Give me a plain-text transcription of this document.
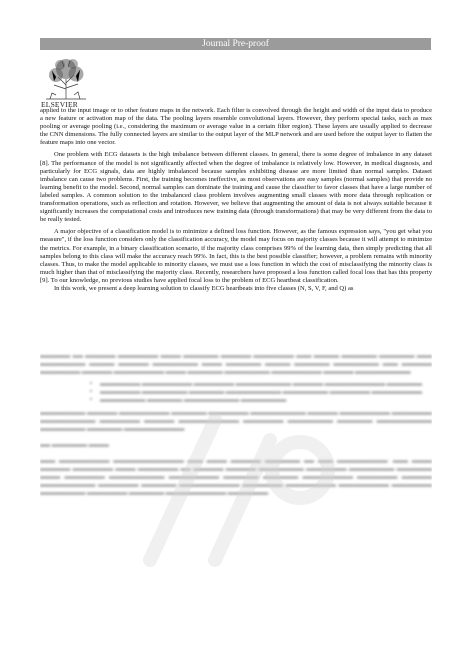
Journal Pre-proof
ELSEVIER

applied to the input image or to other feature maps in the network. Each filter is convolved through the height and width of the input data to produce a new feature or activation map of the data. The pooling layers resemble convolutional layers. However, they perform special tasks, such as max pooling or average pooling (i.e., considering the maximum or average value in a certain filter region). These layers are usually applied to decrease the CNN dimensions. The fully connected layers are similar to the output layer of the MLP network and are used before the output layer to flatten the feature maps into one vector.

One problem with ECG datasets is the high imbalance between different classes. In general, there is some degree of imbalance in any dataset [8]. The performance of the model is not significantly affected when the degree of imbalance is relatively low. However, in medical diagnosis, and particularly for ECG signals, data are highly imbalanced because samples exhibiting disease are more limited than normal samples. Dataset imbalance can cause two problems. First, the training becomes ineffective, as most observations are easy samples (normal samples) that provide no learning benefit to the model. Second, normal samples can dominate the training and cause the classifier to favor classes that have a large number of labeled samples. A common solution to the imbalanced class problem involves augmenting small classes with more data through replication or transformation operations, such as reflection and rotation. However, we believe that augmenting the amount of data is not always suitable because it significantly increases the computational costs and introduces new training data (through transformations) that may be very different from the data to be really tested.

A major objective of a classification model is to minimize a defined loss function. However, as the famous expression says, "you get what you measure", if the loss function considers only the classification accuracy, the model may focus on majority classes because it will attempt to minimize the metrics. For example, in a binary classification scenario, if the majority class comprises 99% of the learning data, then simply predicting that all samples belong to this class will make the accuracy reach 99%. In fact, this is the best possible classifier; however, a problem remains with minority classes. Thus, to make the model applicable to minority classes, we must use a loss function in which the cost of misclassifying the minority class is much higher than that of misclassifying the majority class. Recently, researchers have proposed a loss function called focal loss that has this property [9]. To our knowledge, no previous studies have applied focal loss to the problem of ECG heartbeat classification.

In this work, we present a deep learning solution to classify ECG heartbeats into five classes (N, S, V, F, and Q) as

▂▂▂▂▂▂ ▂▂ ▂▂▂▂▂▂ ▂▂▂▂▂▂▂▂ ▂▂▂▂ ▂▂▂▂▂▂▂ ▂▂▂▂▂▂ ▂▂▂▂▂▂▂▂ ▂▂▂ ▂▂▂▂▂ ▂▂▂▂▂▂▂ ▂▂▂▂▂▂▂ ▂▂▂ ▂▂▂▂▂▂▂▂▂ ▂▂▂▂▂ ▂▂▂▂▂▂ ▂▂▂▂▂▂▂▂▂ ▂▂▂▂ ▂▂▂▂▂▂▂ ▂▂▂▂▂ ▂▂▂▂▂▂▂ ▂▂▂▂▂▂▂▂▂ ▂▂▂ ▂▂▂▂▂▂ ▂▂▂▂▂▂▂▂ ▂▂▂▂▂▂ ▂▂▂▂▂▂▂▂▂▂ ▂▂▂▂ ▂▂▂▂▂▂▂ ▂▂▂▂▂▂▂▂▂ ▂▂▂▂▂▂▂▂▂▂ ▂▂▂▂▂▂ ▂▂▂▂▂▂▂▂▂▂▂

• ▂▂▂▂▂▂▂▂ ▂▂▂▂▂▂▂▂▂▂ ▂▂▂▂▂▂▂▂ ▂▂▂▂▂▂▂▂▂▂▂ ▂▂▂▂▂▂ ▂▂▂▂▂▂▂▂▂▂▂▂ ▂▂▂▂▂▂▂
• ▂▂▂▂▂▂▂▂ ▂▂▂▂▂▂▂▂▂ ▂▂▂▂▂▂▂ ▂▂▂▂▂▂▂▂▂▂▂ ▂▂▂▂▂▂▂▂▂ ▂▂▂▂▂▂▂▂ ▂▂▂▂▂▂▂▂▂▂
• ▂▂▂▂▂▂▂▂▂ ▂▂▂▂▂▂▂ ▂▂▂▂▂▂▂▂▂▂▂ ▂▂▂▂▂▂▂▂▂

▂▂▂▂▂▂▂▂▂ ▂▂▂▂▂▂ ▂▂▂▂▂▂▂▂▂▂ ▂▂▂▂▂▂▂ ▂▂▂▂▂▂▂▂ ▂▂▂▂▂▂▂▂▂▂▂ ▂▂▂▂▂▂ ▂▂▂▂▂▂▂▂▂▂ ▂▂▂▂▂▂▂▂ ▂▂▂▂▂▂▂▂▂▂▂ ▂▂▂▂▂▂▂▂ ▂▂▂▂▂▂ ▂▂▂▂▂▂▂▂▂▂▂▂ ▂▂▂▂▂▂▂▂ ▂▂▂▂▂▂▂▂▂ ▂▂▂▂▂▂▂ ▂▂▂▂▂▂▂▂▂▂▂ ▂▂▂▂▂▂▂▂▂ ▂▂▂▂▂▂▂ ▂▂▂▂▂▂▂▂▂▂▂▂

▂▂ ▂▂▂▂▂▂▂ ▂▂▂▂

▂▂▂ ▂▂▂▂▂▂▂▂▂▂ ▂▂▂▂▂▂▂▂▂▂▂▂▂▂ ▂▂▂ ▂▂▂▂ ▂▂▂▂▂▂ ▂▂▂▂▂▂▂ ▂▂ ▂▂▂ ▂▂▂▂▂▂▂▂▂▂, ▂▂▂ ▂▂▂▂ ▂▂▂▂▂▂ ▂▂▂▂▂▂▂▂ ▂▂▂▂ ▂▂▂▂▂▂▂▂ ▂▂ ▂▂▂▂▂▂ ▂▂▂▂▂▂ ▂▂▂▂▂▂▂▂▂ ▂▂▂▂▂▂▂▂ ▂▂▂▂▂▂▂▂▂ ▂▂▂▂▂▂▂ ▂▂▂▂ ▂▂▂▂▂▂▂▂ ▂▂▂▂▂▂▂▂▂▂▂ ▂▂▂▂▂▂▂▂▂▂ ▂▂▂▂▂▂▂ ▂▂▂▂▂▂▂ ▂▂▂▂▂▂▂▂▂▂ ▂▂▂▂▂▂▂▂ ▂▂▂▂▂▂ ▂▂▂▂▂▂▂▂▂▂▂ ▂▂▂▂▂▂▂▂ ▂▂▂▂▂▂▂ ▂▂▂▂▂▂▂▂▂▂▂▂ ▂▂▂▂▂▂▂▂ ▂▂▂▂▂▂▂▂▂▂ ▂▂▂▂▂▂▂▂▂▂ ▂▂▂▂▂▂▂▂ ▂▂▂▂▂▂▂▂▂ ▂▂▂▂▂▂▂▂ ▂▂▂▂▂▂▂ ▂▂▂▂▂▂▂▂▂▂▂▂ ▂▂▂▂▂▂▂▂
